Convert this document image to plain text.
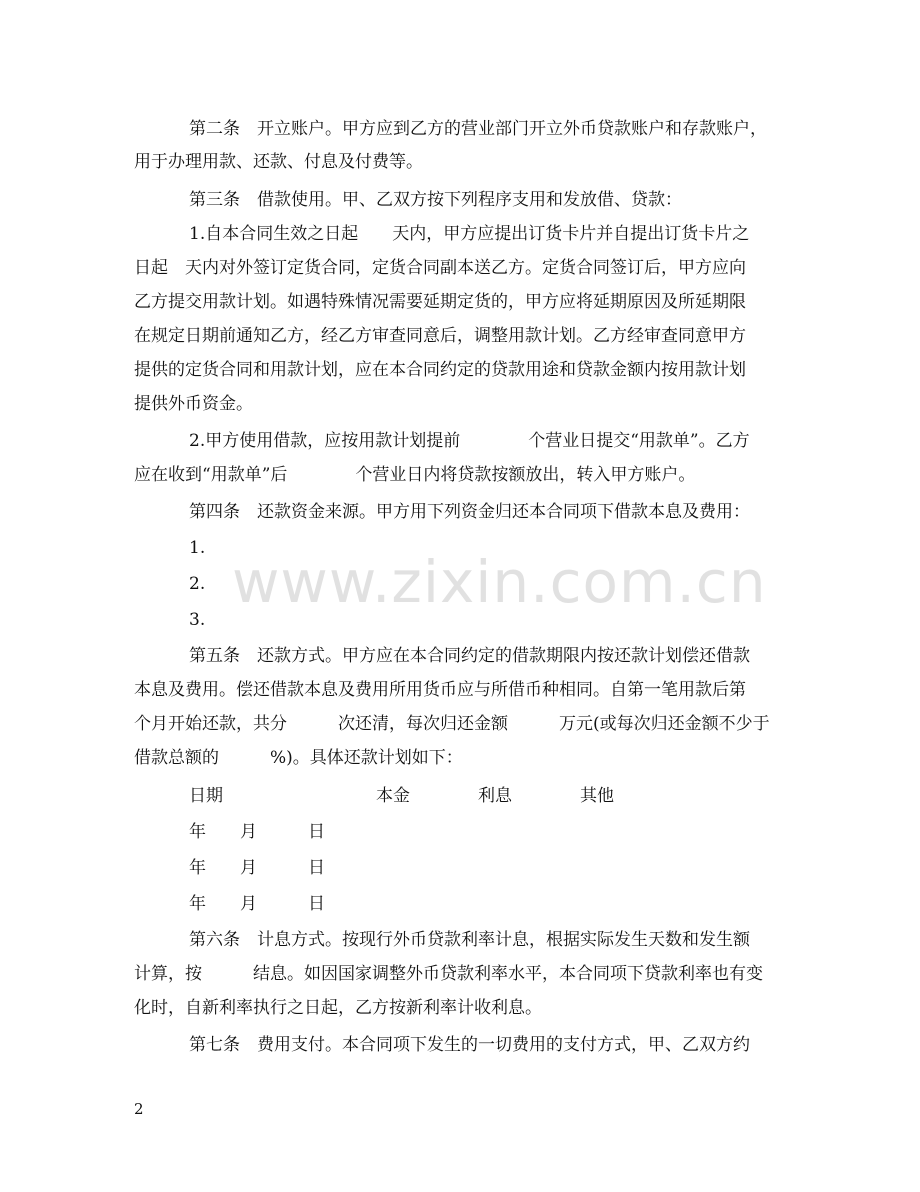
第二条　开立账户。甲方应到乙方的营业部门开立外币贷款账户和存款账户，
用于办理用款、还款、付息及付费等。
第三条　借款使用。甲、乙双方按下列程序支用和发放借、贷款：
1.自本合同生效之日起　　天内，甲方应提出订货卡片并自提出订货卡片之
日起　天内对外签订定货合同，定货合同副本送乙方。定货合同签订后，甲方应向
乙方提交用款计划。如遇特殊情况需要延期定货的，甲方应将延期原因及所延期限
在规定日期前通知乙方，经乙方审查同意后，调整用款计划。乙方经审查同意甲方
提供的定货合同和用款计划，应在本合同约定的贷款用途和贷款金额内按用款计划
提供外币资金。
2.甲方使用借款，应按用款计划提前　　　　个营业日提交“用款单”。乙方
应在收到“用款单”后　　　　个营业日内将贷款按额放出，转入甲方账户。
第四条　还款资金来源。甲方用下列资金归还本合同项下借款本息及费用：
1.
2.
3.
第五条　还款方式。甲方应在本合同约定的借款期限内按还款计划偿还借款
本息及费用。偿还借款本息及费用所用货币应与所借币种相同。自第一笔用款后第
个月开始还款，共分　　　次还清，每次归还金额　　　万元(或每次归还金额不少于
借款总额的　　　%)。具体还款计划如下：
日期　　　　　　　　　本金　　　　利息　　　　其他
年　　月　　　日
年　　月　　　日
年　　月　　　日
第六条　计息方式。按现行外币贷款利率计息，根据实际发生天数和发生额
计算，按　　　结息。如因国家调整外币贷款利率水平，本合同项下贷款利率也有变
化时，自新利率执行之日起，乙方按新利率计收利息。
第七条　费用支付。本合同项下发生的一切费用的支付方式，甲、乙双方约
www.zixin.com.cn
2
